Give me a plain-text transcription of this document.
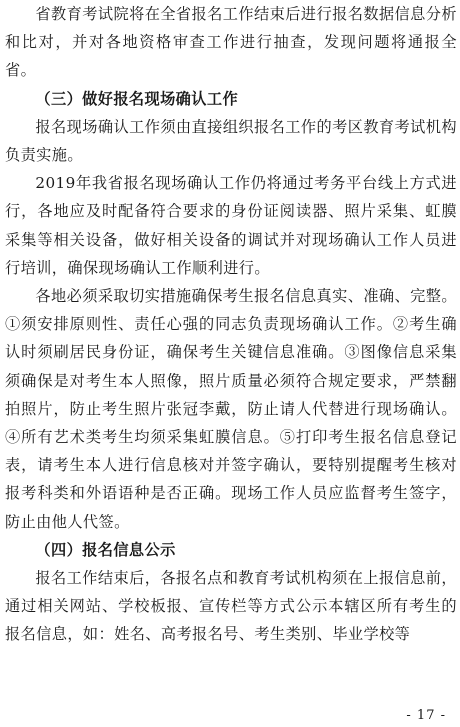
省教育考试院将在全省报名工作结束后进行报名数据信息分析和比对，并对各地资格审查工作进行抽查，发现问题将通报全省。

（三）做好报名现场确认工作

报名现场确认工作须由直接组织报名工作的考区教育考试机构负责实施。

2019年我省报名现场确认工作仍将通过考务平台线上方式进行，各地应及时配备符合要求的身份证阅读器、照片采集、虹膜采集等相关设备，做好相关设备的调试并对现场确认工作人员进行培训，确保现场确认工作顺利进行。

各地必须采取切实措施确保考生报名信息真实、准确、完整。①须安排原则性、责任心强的同志负责现场确认工作。②考生确认时须刷居民身份证，确保考生关键信息准确。③图像信息采集须确保是对考生本人照像，照片质量必须符合规定要求，严禁翻拍照片，防止考生照片张冠李戴，防止请人代替进行现场确认。④所有艺术类考生均须采集虹膜信息。⑤打印考生报名信息登记表，请考生本人进行信息核对并签字确认，要特别提醒考生核对报考科类和外语语种是否正确。现场工作人员应监督考生签字，防止由他人代签。

（四）报名信息公示

报名工作结束后，各报名点和教育考试机构须在上报信息前，通过相关网站、学校板报、宣传栏等方式公示本辖区所有考生的报名信息，如：姓名、高考报名号、考生类别、毕业学校等

- 17 -
